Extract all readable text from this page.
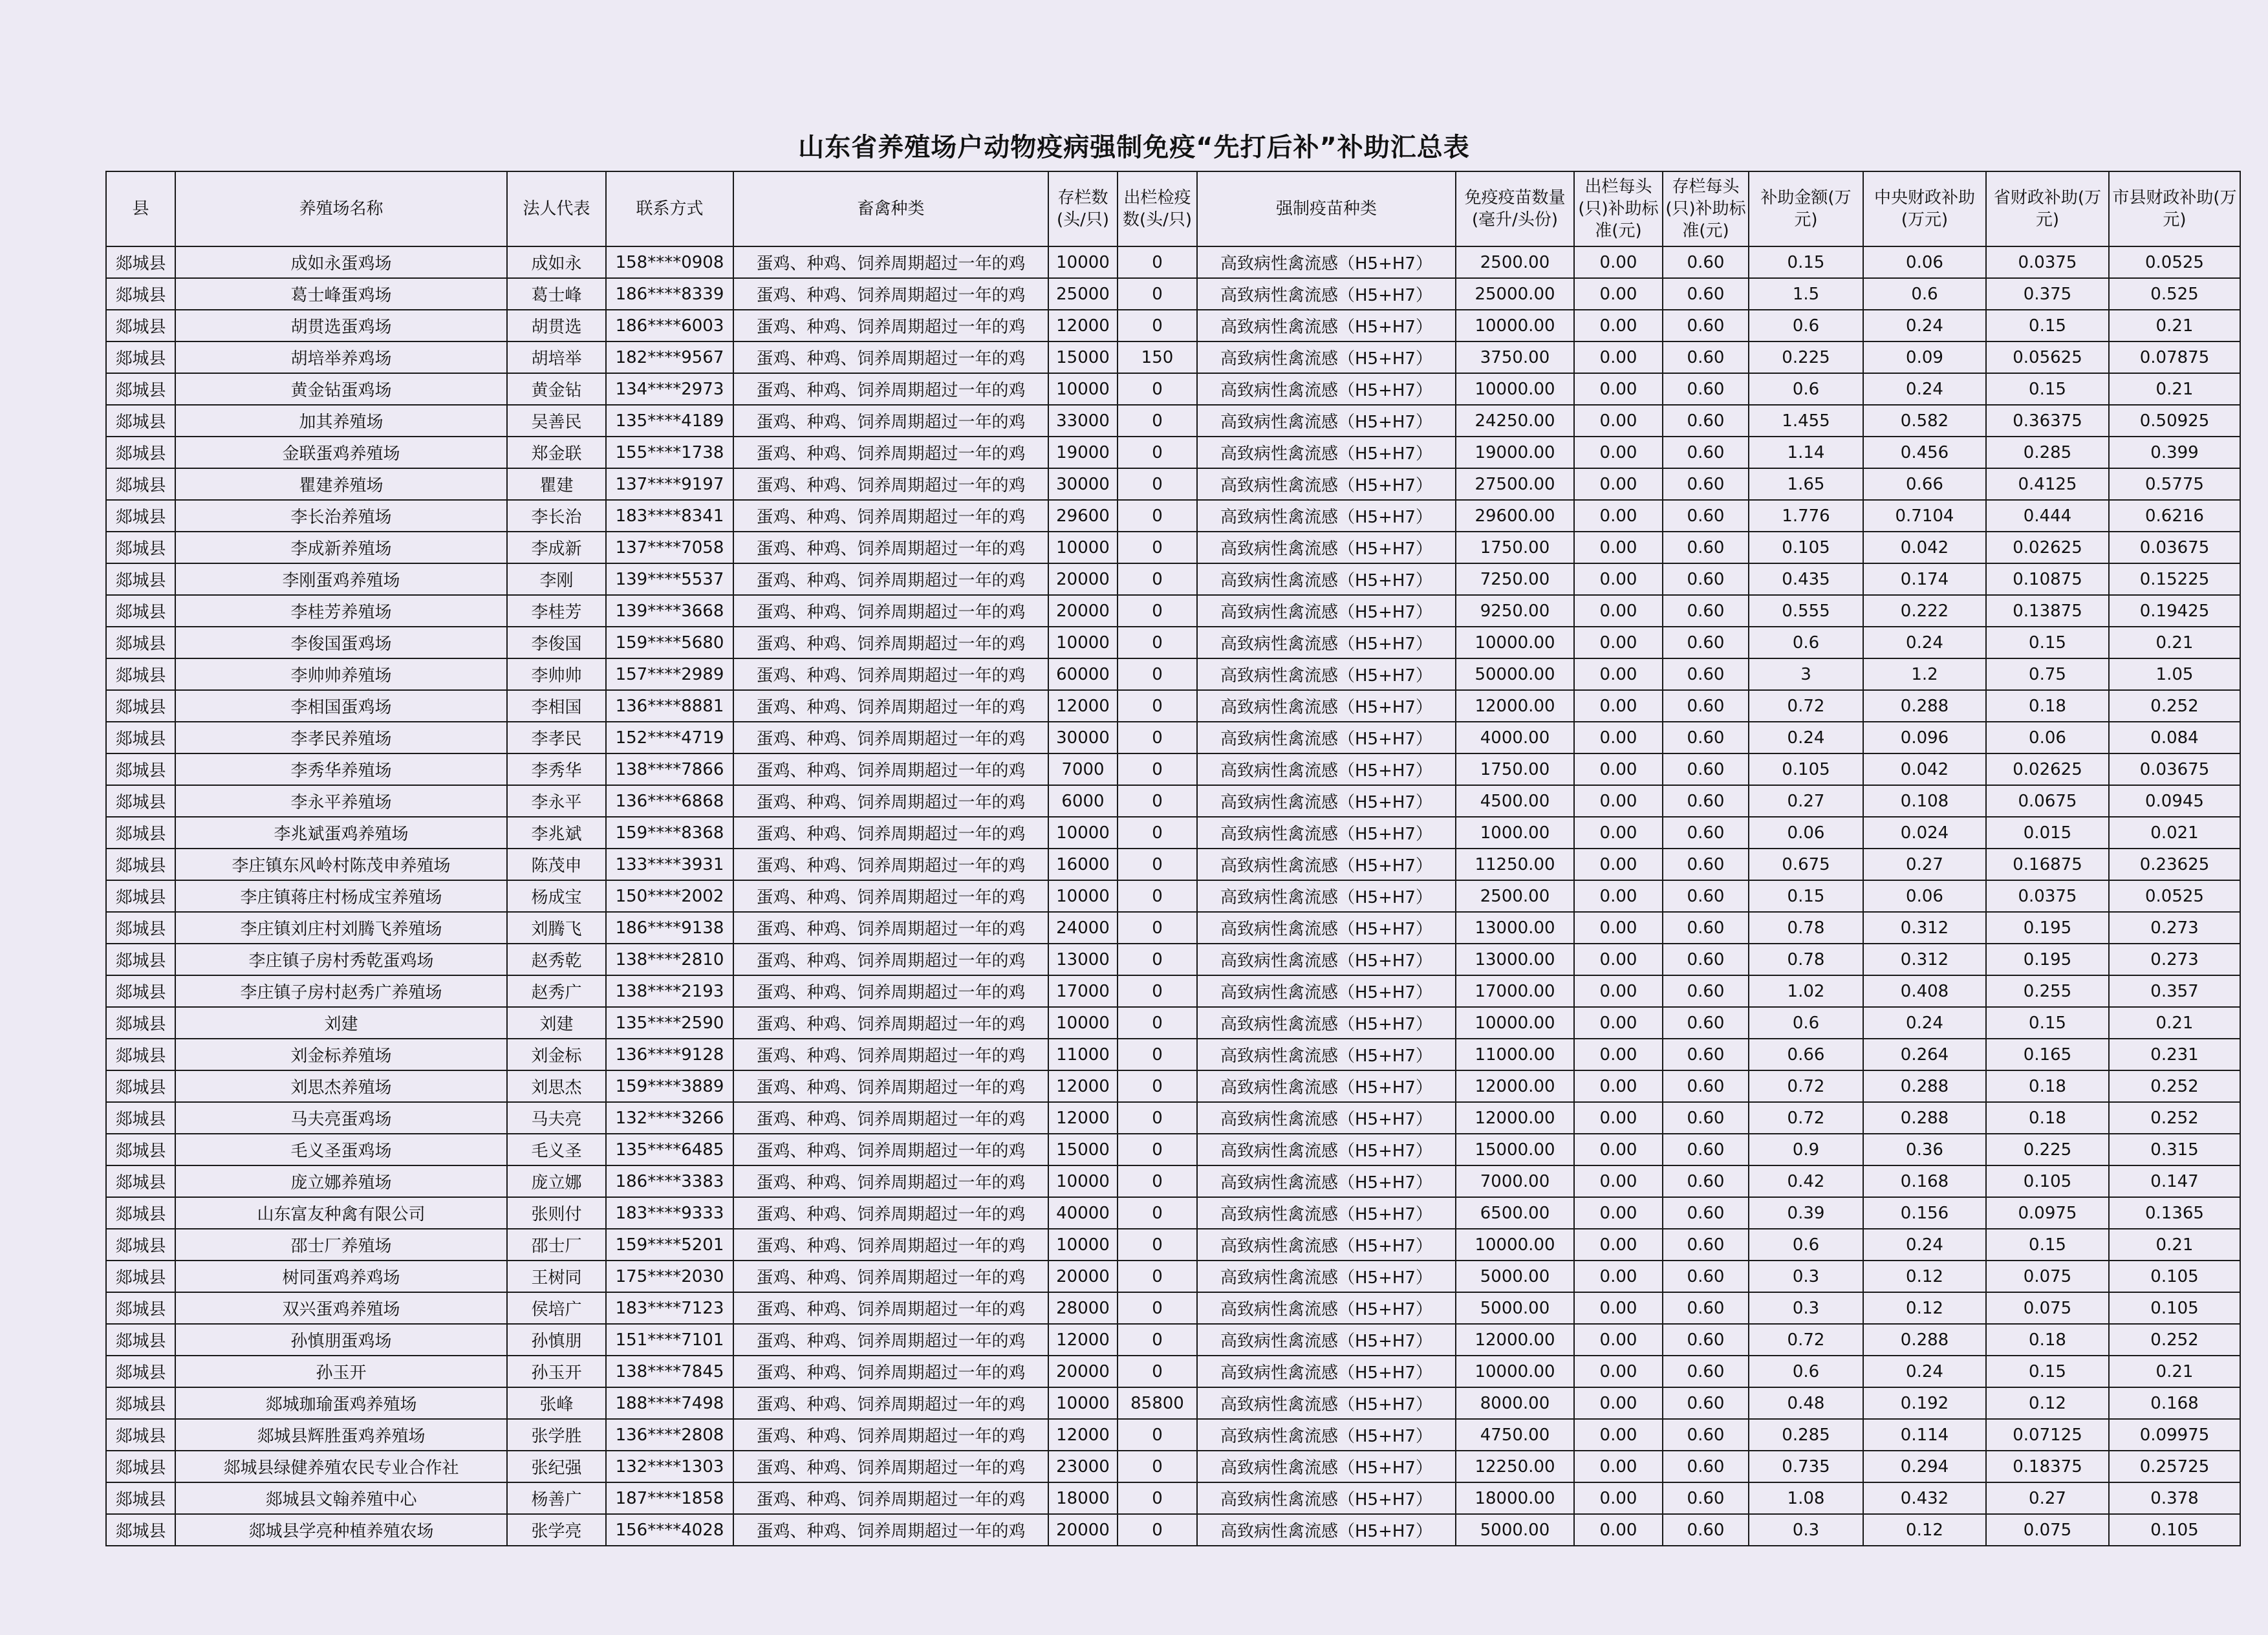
山东省养殖场户动物疫病强制免疫“先打后补”补助汇总表
县	养殖场名称	法人代表	联系方式	畜禽种类	存栏数(头/只)	出栏检疫数(头/只)	强制疫苗种类	免疫疫苗数量(毫升/头份)	出栏每头(只)补助标准(元)	存栏每头(只)补助标准(元)	补助金额(万元)	中央财政补助(万元)	省财政补助(万元)	市县财政补助(万元)
郯城县	成如永蛋鸡场	成如永	158****0908	蛋鸡、种鸡、饲养周期超过一年的鸡	10000	0	高致病性禽流感（H5+H7）	2500.00	0.00	0.60	0.15	0.06	0.0375	0.0525
郯城县	葛士峰蛋鸡场	葛士峰	186****8339	蛋鸡、种鸡、饲养周期超过一年的鸡	25000	0	高致病性禽流感（H5+H7）	25000.00	0.00	0.60	1.5	0.6	0.375	0.525
郯城县	胡贯选蛋鸡场	胡贯选	186****6003	蛋鸡、种鸡、饲养周期超过一年的鸡	12000	0	高致病性禽流感（H5+H7）	10000.00	0.00	0.60	0.6	0.24	0.15	0.21
郯城县	胡培举养鸡场	胡培举	182****9567	蛋鸡、种鸡、饲养周期超过一年的鸡	15000	150	高致病性禽流感（H5+H7）	3750.00	0.00	0.60	0.225	0.09	0.05625	0.07875
郯城县	黄金钻蛋鸡场	黄金钻	134****2973	蛋鸡、种鸡、饲养周期超过一年的鸡	10000	0	高致病性禽流感（H5+H7）	10000.00	0.00	0.60	0.6	0.24	0.15	0.21
郯城县	加其养殖场	吴善民	135****4189	蛋鸡、种鸡、饲养周期超过一年的鸡	33000	0	高致病性禽流感（H5+H7）	24250.00	0.00	0.60	1.455	0.582	0.36375	0.50925
郯城县	金联蛋鸡养殖场	郑金联	155****1738	蛋鸡、种鸡、饲养周期超过一年的鸡	19000	0	高致病性禽流感（H5+H7）	19000.00	0.00	0.60	1.14	0.456	0.285	0.399
郯城县	瞿建养殖场	瞿建	137****9197	蛋鸡、种鸡、饲养周期超过一年的鸡	30000	0	高致病性禽流感（H5+H7）	27500.00	0.00	0.60	1.65	0.66	0.4125	0.5775
郯城县	李长治养殖场	李长治	183****8341	蛋鸡、种鸡、饲养周期超过一年的鸡	29600	0	高致病性禽流感（H5+H7）	29600.00	0.00	0.60	1.776	0.7104	0.444	0.6216
郯城县	李成新养殖场	李成新	137****7058	蛋鸡、种鸡、饲养周期超过一年的鸡	10000	0	高致病性禽流感（H5+H7）	1750.00	0.00	0.60	0.105	0.042	0.02625	0.03675
郯城县	李刚蛋鸡养殖场	李刚	139****5537	蛋鸡、种鸡、饲养周期超过一年的鸡	20000	0	高致病性禽流感（H5+H7）	7250.00	0.00	0.60	0.435	0.174	0.10875	0.15225
郯城县	李桂芳养殖场	李桂芳	139****3668	蛋鸡、种鸡、饲养周期超过一年的鸡	20000	0	高致病性禽流感（H5+H7）	9250.00	0.00	0.60	0.555	0.222	0.13875	0.19425
郯城县	李俊国蛋鸡场	李俊国	159****5680	蛋鸡、种鸡、饲养周期超过一年的鸡	10000	0	高致病性禽流感（H5+H7）	10000.00	0.00	0.60	0.6	0.24	0.15	0.21
郯城县	李帅帅养殖场	李帅帅	157****2989	蛋鸡、种鸡、饲养周期超过一年的鸡	60000	0	高致病性禽流感（H5+H7）	50000.00	0.00	0.60	3	1.2	0.75	1.05
郯城县	李相国蛋鸡场	李相国	136****8881	蛋鸡、种鸡、饲养周期超过一年的鸡	12000	0	高致病性禽流感（H5+H7）	12000.00	0.00	0.60	0.72	0.288	0.18	0.252
郯城县	李孝民养殖场	李孝民	152****4719	蛋鸡、种鸡、饲养周期超过一年的鸡	30000	0	高致病性禽流感（H5+H7）	4000.00	0.00	0.60	0.24	0.096	0.06	0.084
郯城县	李秀华养殖场	李秀华	138****7866	蛋鸡、种鸡、饲养周期超过一年的鸡	7000	0	高致病性禽流感（H5+H7）	1750.00	0.00	0.60	0.105	0.042	0.02625	0.03675
郯城县	李永平养殖场	李永平	136****6868	蛋鸡、种鸡、饲养周期超过一年的鸡	6000	0	高致病性禽流感（H5+H7）	4500.00	0.00	0.60	0.27	0.108	0.0675	0.0945
郯城县	李兆斌蛋鸡养殖场	李兆斌	159****8368	蛋鸡、种鸡、饲养周期超过一年的鸡	10000	0	高致病性禽流感（H5+H7）	1000.00	0.00	0.60	0.06	0.024	0.015	0.021
郯城县	李庄镇东风岭村陈茂申养殖场	陈茂申	133****3931	蛋鸡、种鸡、饲养周期超过一年的鸡	16000	0	高致病性禽流感（H5+H7）	11250.00	0.00	0.60	0.675	0.27	0.16875	0.23625
郯城县	李庄镇蒋庄村杨成宝养殖场	杨成宝	150****2002	蛋鸡、种鸡、饲养周期超过一年的鸡	10000	0	高致病性禽流感（H5+H7）	2500.00	0.00	0.60	0.15	0.06	0.0375	0.0525
郯城县	李庄镇刘庄村刘腾飞养殖场	刘腾飞	186****9138	蛋鸡、种鸡、饲养周期超过一年的鸡	24000	0	高致病性禽流感（H5+H7）	13000.00	0.00	0.60	0.78	0.312	0.195	0.273
郯城县	李庄镇子房村秀乾蛋鸡场	赵秀乾	138****2810	蛋鸡、种鸡、饲养周期超过一年的鸡	13000	0	高致病性禽流感（H5+H7）	13000.00	0.00	0.60	0.78	0.312	0.195	0.273
郯城县	李庄镇子房村赵秀广养殖场	赵秀广	138****2193	蛋鸡、种鸡、饲养周期超过一年的鸡	17000	0	高致病性禽流感（H5+H7）	17000.00	0.00	0.60	1.02	0.408	0.255	0.357
郯城县	刘建	刘建	135****2590	蛋鸡、种鸡、饲养周期超过一年的鸡	10000	0	高致病性禽流感（H5+H7）	10000.00	0.00	0.60	0.6	0.24	0.15	0.21
郯城县	刘金标养殖场	刘金标	136****9128	蛋鸡、种鸡、饲养周期超过一年的鸡	11000	0	高致病性禽流感（H5+H7）	11000.00	0.00	0.60	0.66	0.264	0.165	0.231
郯城县	刘思杰养殖场	刘思杰	159****3889	蛋鸡、种鸡、饲养周期超过一年的鸡	12000	0	高致病性禽流感（H5+H7）	12000.00	0.00	0.60	0.72	0.288	0.18	0.252
郯城县	马夫亮蛋鸡场	马夫亮	132****3266	蛋鸡、种鸡、饲养周期超过一年的鸡	12000	0	高致病性禽流感（H5+H7）	12000.00	0.00	0.60	0.72	0.288	0.18	0.252
郯城县	毛义圣蛋鸡场	毛义圣	135****6485	蛋鸡、种鸡、饲养周期超过一年的鸡	15000	0	高致病性禽流感（H5+H7）	15000.00	0.00	0.60	0.9	0.36	0.225	0.315
郯城县	庞立娜养殖场	庞立娜	186****3383	蛋鸡、种鸡、饲养周期超过一年的鸡	10000	0	高致病性禽流感（H5+H7）	7000.00	0.00	0.60	0.42	0.168	0.105	0.147
郯城县	山东富友种禽有限公司	张则付	183****9333	蛋鸡、种鸡、饲养周期超过一年的鸡	40000	0	高致病性禽流感（H5+H7）	6500.00	0.00	0.60	0.39	0.156	0.0975	0.1365
郯城县	邵士厂养殖场	邵士厂	159****5201	蛋鸡、种鸡、饲养周期超过一年的鸡	10000	0	高致病性禽流感（H5+H7）	10000.00	0.00	0.60	0.6	0.24	0.15	0.21
郯城县	树同蛋鸡养鸡场	王树同	175****2030	蛋鸡、种鸡、饲养周期超过一年的鸡	20000	0	高致病性禽流感（H5+H7）	5000.00	0.00	0.60	0.3	0.12	0.075	0.105
郯城县	双兴蛋鸡养殖场	侯培广	183****7123	蛋鸡、种鸡、饲养周期超过一年的鸡	28000	0	高致病性禽流感（H5+H7）	5000.00	0.00	0.60	0.3	0.12	0.075	0.105
郯城县	孙慎朋蛋鸡场	孙慎朋	151****7101	蛋鸡、种鸡、饲养周期超过一年的鸡	12000	0	高致病性禽流感（H5+H7）	12000.00	0.00	0.60	0.72	0.288	0.18	0.252
郯城县	孙玉开	孙玉开	138****7845	蛋鸡、种鸡、饲养周期超过一年的鸡	20000	0	高致病性禽流感（H5+H7）	10000.00	0.00	0.60	0.6	0.24	0.15	0.21
郯城县	郯城珈瑜蛋鸡养殖场	张峰	188****7498	蛋鸡、种鸡、饲养周期超过一年的鸡	10000	85800	高致病性禽流感（H5+H7）	8000.00	0.00	0.60	0.48	0.192	0.12	0.168
郯城县	郯城县辉胜蛋鸡养殖场	张学胜	136****2808	蛋鸡、种鸡、饲养周期超过一年的鸡	12000	0	高致病性禽流感（H5+H7）	4750.00	0.00	0.60	0.285	0.114	0.07125	0.09975
郯城县	郯城县绿健养殖农民专业合作社	张纪强	132****1303	蛋鸡、种鸡、饲养周期超过一年的鸡	23000	0	高致病性禽流感（H5+H7）	12250.00	0.00	0.60	0.735	0.294	0.18375	0.25725
郯城县	郯城县文翰养殖中心	杨善广	187****1858	蛋鸡、种鸡、饲养周期超过一年的鸡	18000	0	高致病性禽流感（H5+H7）	18000.00	0.00	0.60	1.08	0.432	0.27	0.378
郯城县	郯城县学亮种植养殖农场	张学亮	156****4028	蛋鸡、种鸡、饲养周期超过一年的鸡	20000	0	高致病性禽流感（H5+H7）	5000.00	0.00	0.60	0.3	0.12	0.075	0.105
